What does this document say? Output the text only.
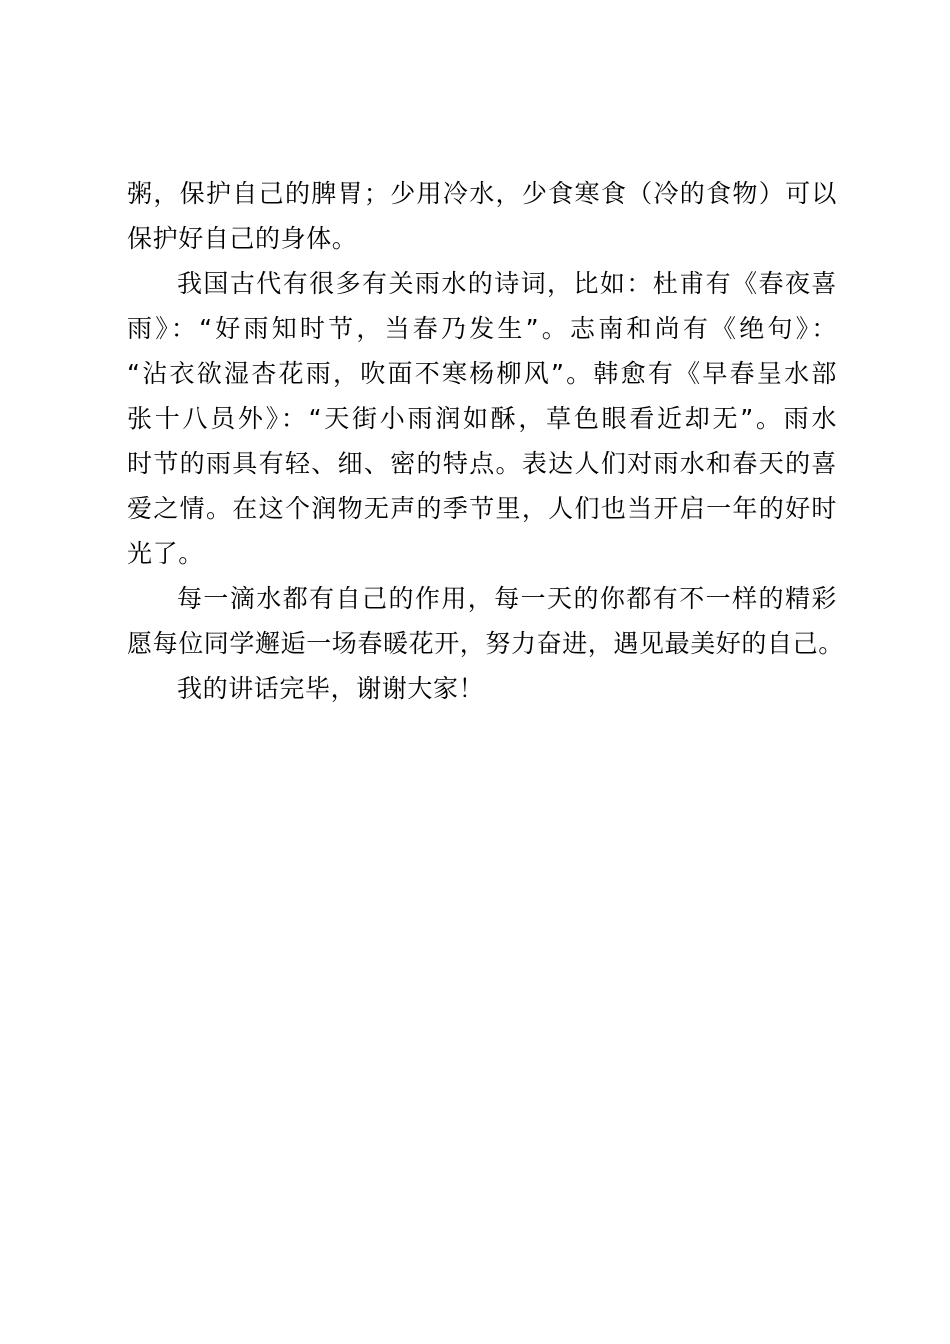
粥，保护自己的脾胃；少用冷水，少食寒食（冷的食物）可以
保护好自己的身体。
我国古代有很多有关雨水的诗词，比如：杜甫有《春夜喜
雨》：“好雨知时节，当春乃发生”。志南和尚有《绝句》：
“沾衣欲湿杏花雨，吹面不寒杨柳风”。韩愈有《早春呈水部
张十八员外》：“天街小雨润如酥，草色眼看近却无”。雨水
时节的雨具有轻、细、密的特点。表达人们对雨水和春天的喜
爱之情。在这个润物无声的季节里，人们也当开启一年的好时
光了。
每一滴水都有自己的作用，每一天的你都有不一样的精彩
愿每位同学邂逅一场春暖花开，努力奋进，遇见最美好的自己。
我的讲话完毕，谢谢大家！
